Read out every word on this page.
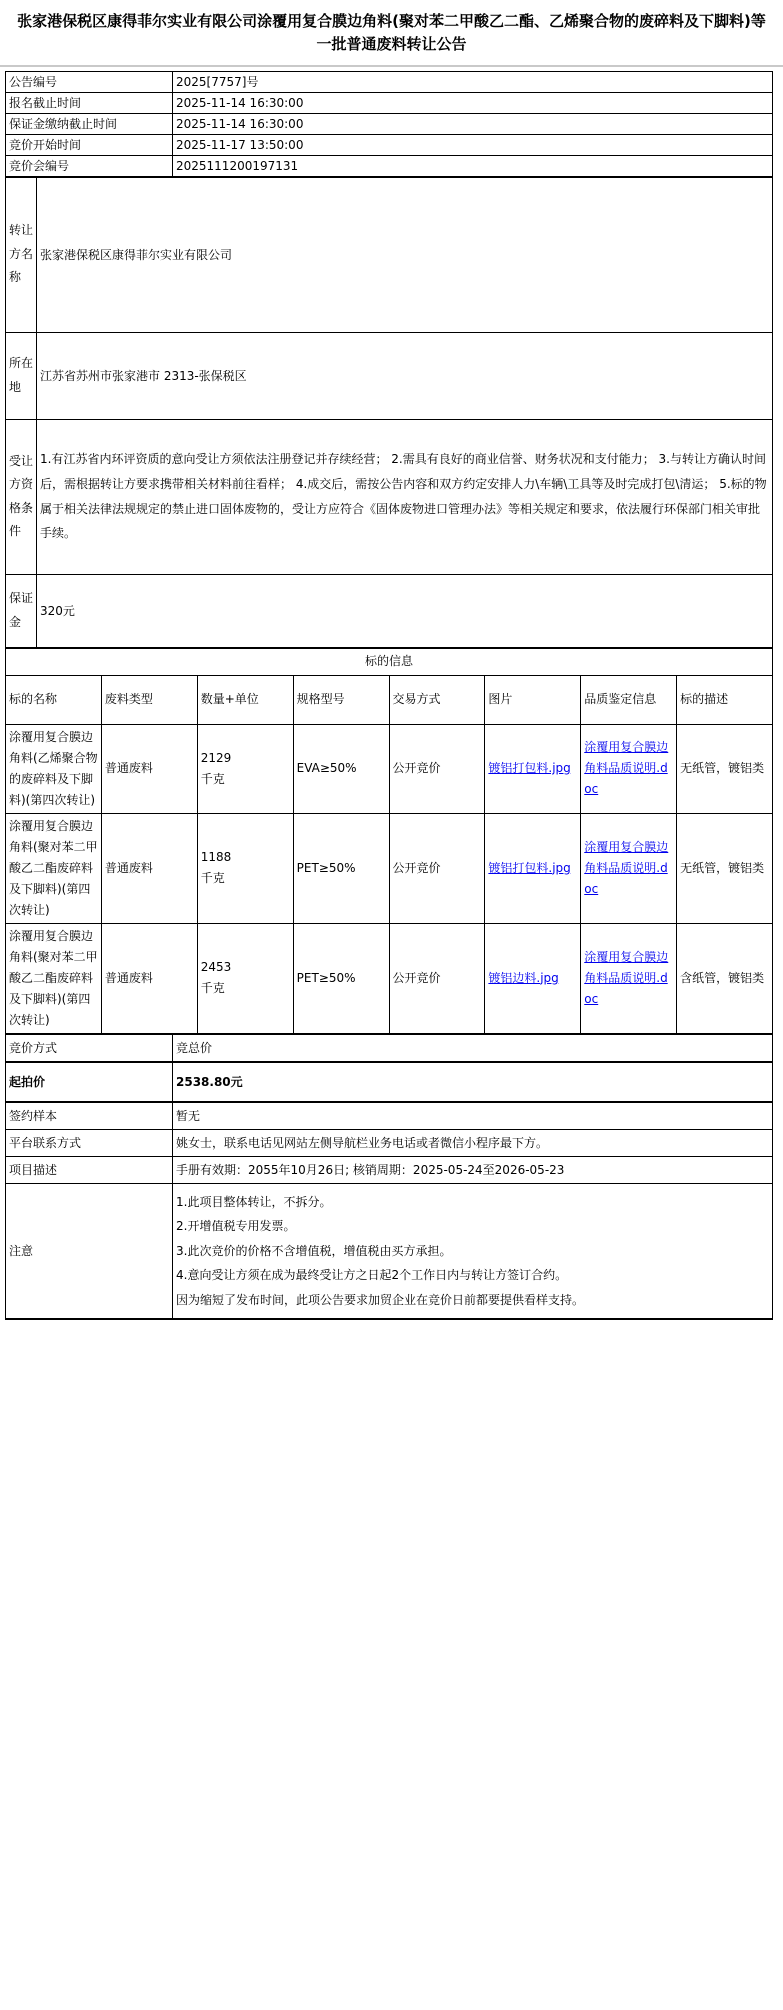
张家港保税区康得菲尔实业有限公司涂覆用复合膜边角料(聚对苯二甲酸乙二酯、乙烯聚合物的废碎料及下脚料)等一批普通废料转让公告
公告编号	2025[7757]号
报名截止时间	2025-11-14 16:30:00
保证金缴纳截止时间	2025-11-14 16:30:00
竞价开始时间	2025-11-17 13:50:00
竞价会编号	2025111200197131
转让方名称	张家港保税区康得菲尔实业有限公司
所在地	江苏省苏州市张家港市 2313-张保税区
受让方资格条件	1.有江苏省内环评资质的意向受让方须依法注册登记并存续经营； 2.需具有良好的商业信誉、财务状况和支付能力； 3.与转让方确认时间后，需根据转让方要求携带相关材料前往看样； 4.成交后，需按公告内容和双方约定安排人力\车辆\工具等及时完成打包\清运； 5.标的物属于相关法律法规规定的禁止进口固体废物的，受让方应符合《固体废物进口管理办法》等相关规定和要求，依法履行环保部门相关审批手续。
保证金	320元
标的信息							
标的名称	废料类型	数量+单位	规格型号	交易方式	图片	品质鉴定信息	标的描述
涂覆用复合膜边角料(乙烯聚合物的废碎料及下脚料)(第四次转让)	普通废料	2129
千克	EVA≥50%	公开竞价	镀铝打包料.jpg	涂覆用复合膜边角料品质说明.doc	无纸管，镀铝类
涂覆用复合膜边角料(聚对苯二甲酸乙二酯废碎料及下脚料)(第四次转让)	普通废料	1188
千克	PET≥50%	公开竞价	镀铝打包料.jpg	涂覆用复合膜边角料品质说明.doc	无纸管，镀铝类
涂覆用复合膜边角料(聚对苯二甲酸乙二酯废碎料及下脚料)(第四次转让)	普通废料	2453
千克	PET≥50%	公开竞价	镀铝边料.jpg	涂覆用复合膜边角料品质说明.doc	含纸管，镀铝类
竞价方式	竞总价
起拍价	2538.80元
签约样本	暂无
平台联系方式	姚女士，联系电话见网站左侧导航栏业务电话或者微信小程序最下方。
项目描述	手册有效期：2055年10月26日; 核销周期：2025-05-24至2026-05-23
注意	1.此项目整体转让，不拆分。
2.开增值税专用发票。
3.此次竞价的价格不含增值税，增值税由买方承担。
4.意向受让方须在成为最终受让方之日起2个工作日内与转让方签订合约。
因为缩短了发布时间，此项公告要求加贸企业在竞价日前都要提供看样支持。
